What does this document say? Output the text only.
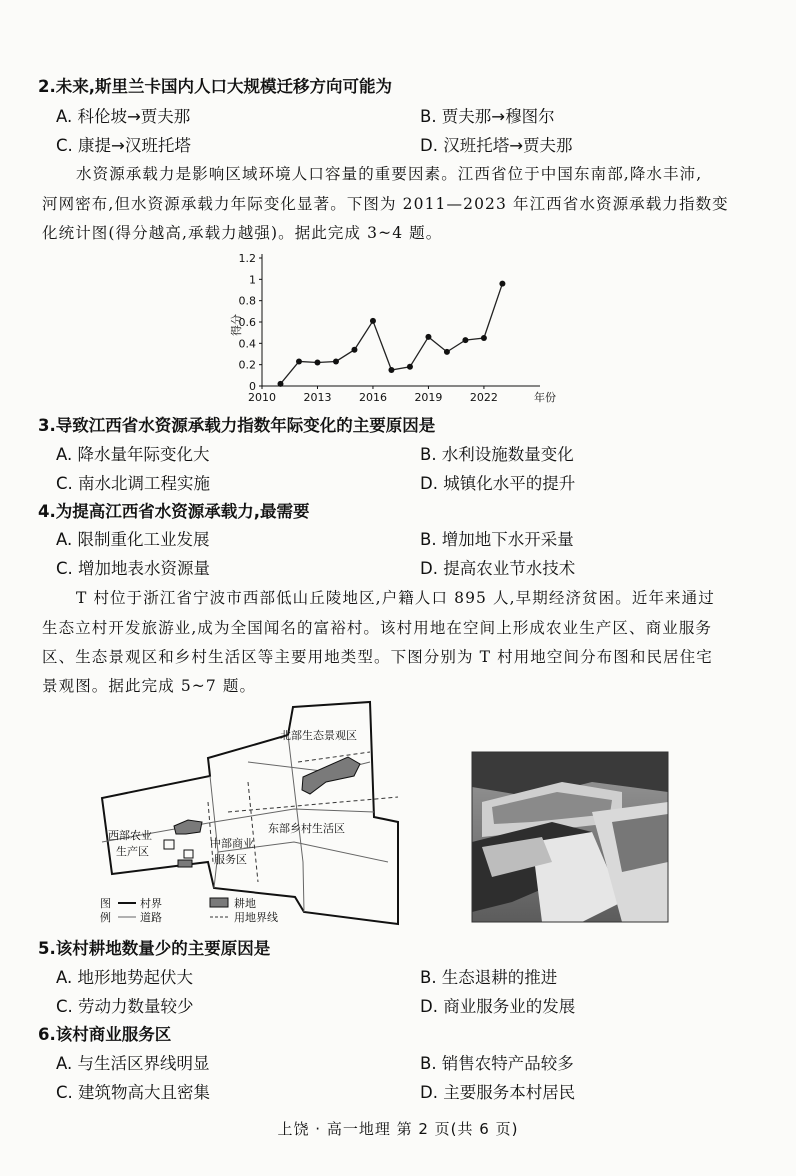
2.未来,斯里兰卡国内人口大规模迁移方向可能为
A. 科伦坡→贾夫那	B. 贾夫那→穆图尔
C. 康提→汉班托塔	D. 汉班托塔→贾夫那
水资源承载力是影响区域环境人口容量的重要因素。江西省位于中国东南部,降水丰沛,
河网密布,但水资源承载力年际变化显著。下图为 2011—2023 年江西省水资源承载力指数变
化统计图(得分越高,承载力越强)。据此完成 3~4 题。
2010 2013 2016 2019 2022
0
0.2
0.4
0.6
0.8
1
1.2
得分
年份
3.导致江西省水资源承载力指数年际变化的主要原因是
A. 降水量年际变化大	B. 水利设施数量变化
C. 南水北调工程实施	D. 城镇化水平的提升
4.为提高江西省水资源承载力,最需要
A. 限制重化工业发展	B. 增加地下水开采量
C. 增加地表水资源量	D. 提高农业节水技术
T 村位于浙江省宁波市西部低山丘陵地区,户籍人口 895 人,早期经济贫困。近年来通过
生态立村开发旅游业,成为全国闻名的富裕村。该村用地在空间上形成农业生产区、商业服务
区、生态景观区和乡村生活区等主要用地类型。下图分别为 T 村用地空间分布图和民居住宅
景观图。据此完成 5~7 题。
北部生态景观区
西部农业
生产区
中部商业
服务区
东部乡村生活区
图
例
村界
道路
耕地
用地界线
5.该村耕地数量少的主要原因是
A. 地形地势起伏大	B. 生态退耕的推进
C. 劳动力数量较少	D. 商业服务业的发展
6.该村商业服务区
A. 与生活区界线明显	B. 销售农特产品较多
C. 建筑物高大且密集	D. 主要服务本村居民
上饶 · 高一地理 第 2 页(共 6 页)
